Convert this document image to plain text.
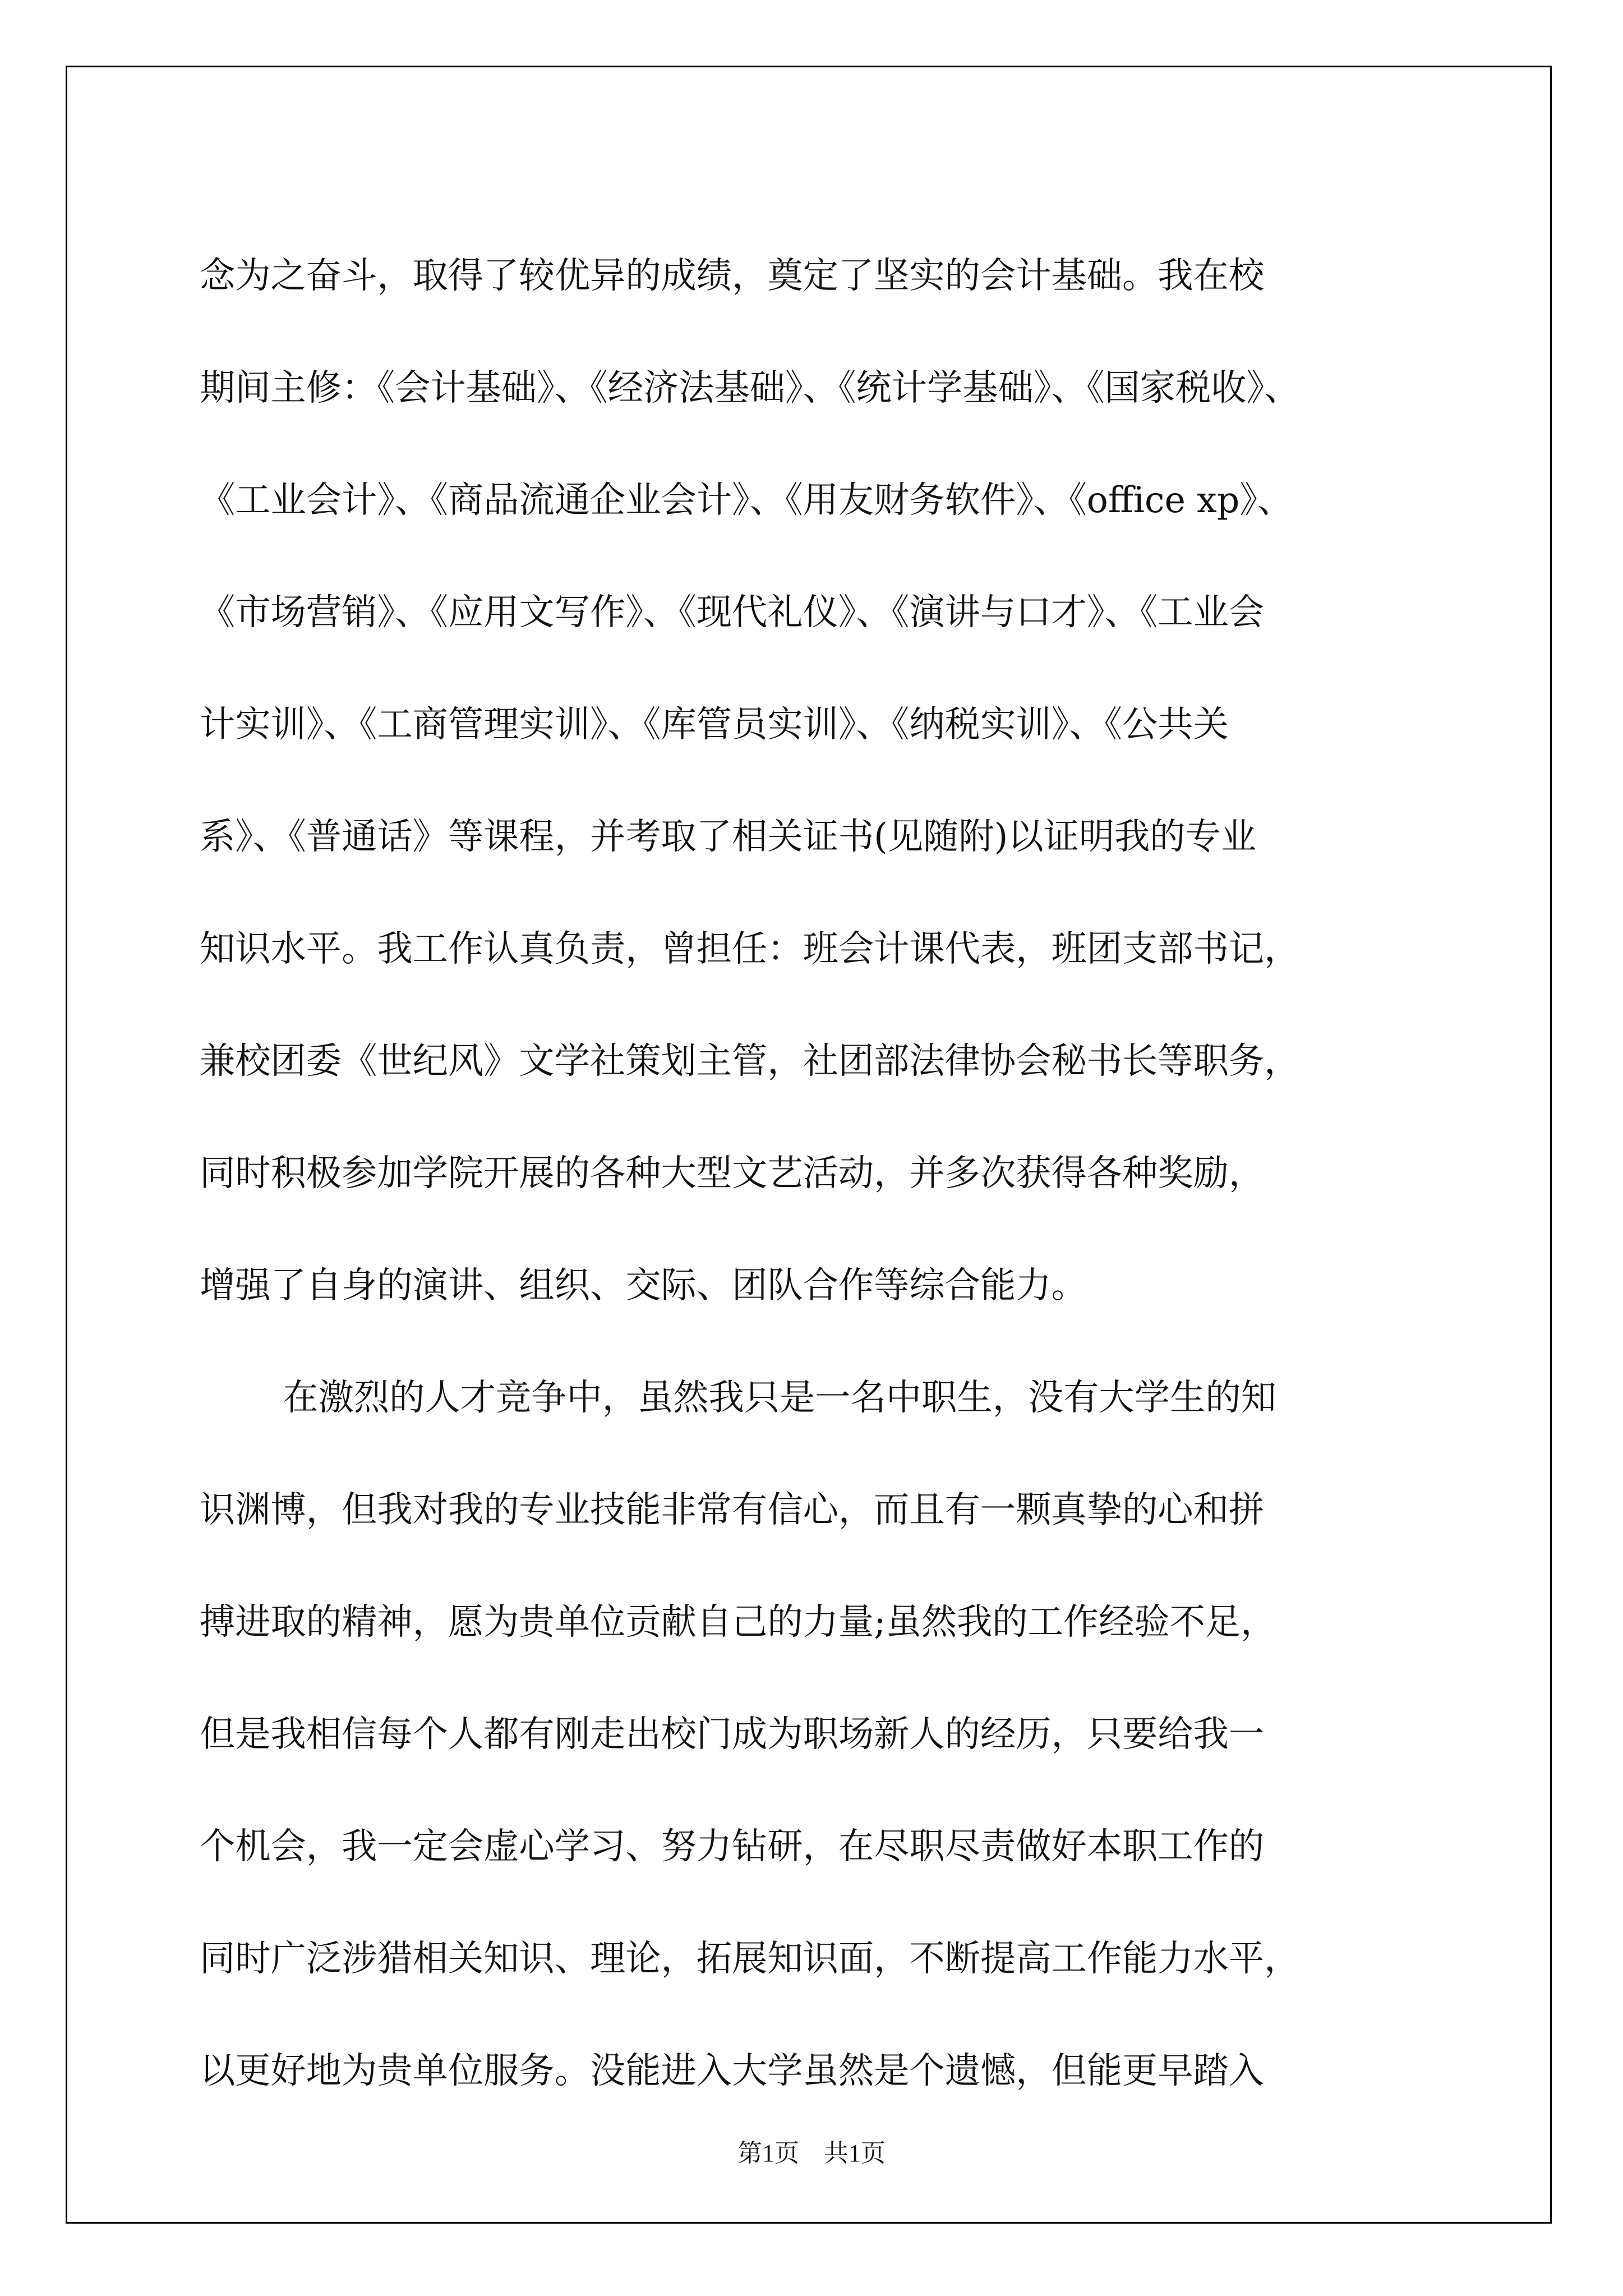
念为之奋斗，取得了较优异的成绩，奠定了坚实的会计基础。我在校
期间主修：《会计基础》、《经济法基础》、《统计学基础》、《国家税收》、
《工业会计》、《商品流通企业会计》、《用友财务软件》、《office xp》、
《市场营销》、《应用文写作》、《现代礼仪》、《演讲与口才》、《工业会
计实训》、《工商管理实训》、《库管员实训》、《纳税实训》、《公共关
系》、《普通话》等课程，并考取了相关证书(见随附)以证明我的专业
知识水平。我工作认真负责，曾担任：班会计课代表，班团支部书记，
兼校团委《世纪风》文学社策划主管，社团部法律协会秘书长等职务，
同时积极参加学院开展的各种大型文艺活动，并多次获得各种奖励，
增强了自身的演讲、组织、交际、团队合作等综合能力。
在激烈的人才竞争中，虽然我只是一名中职生，没有大学生的知
识渊博，但我对我的专业技能非常有信心，而且有一颗真挚的心和拼
搏进取的精神，愿为贵单位贡献自己的力量;虽然我的工作经验不足，
但是我相信每个人都有刚走出校门成为职场新人的经历，只要给我一
个机会，我一定会虚心学习、努力钻研，在尽职尽责做好本职工作的
同时广泛涉猎相关知识、理论，拓展知识面，不断提高工作能力水平，
以更好地为贵单位服务。没能进入大学虽然是个遗憾，但能更早踏入
第1页　共1页
